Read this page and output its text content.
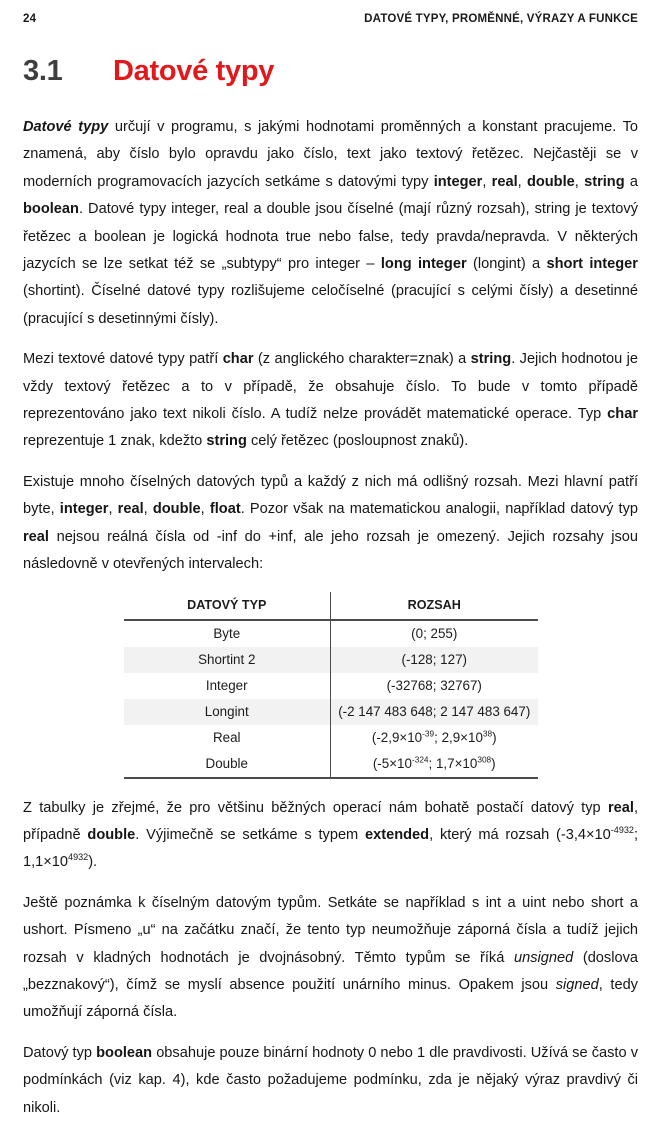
24	DATOVÉ TYPY, PROMĚNNÉ, VÝRAZY A FUNKCE
3.1	Datové typy

Datové typy určují v programu, s jakými hodnotami proměnných a konstant pracujeme. To znamená, aby číslo bylo opravdu jako číslo, text jako textový řetězec. Nejčastěji se v moderních programovacích jazycích setkáme s datovými typy integer, real, double, string a boolean. Datové typy integer, real a double jsou číselné (mají různý rozsah), string je textový řetězec a boolean je logická hodnota true nebo false, tedy pravda/nepravda. V některých jazycích se lze setkat též se „subtypy“ pro integer – long integer (longint) a short integer (shortint). Číselné datové typy rozlišujeme celočíselné (pracující s celými čísly) a desetinné (pracující s desetinnými čísly).

Mezi textové datové typy patří char (z anglického charakter=znak) a string. Jejich hodnotou je vždy textový řetězec a to v případě, že obsahuje číslo. To bude v tomto případě reprezentováno jako text nikoli číslo. A tudíž nelze provádět matematické operace. Typ char reprezentuje 1 znak, kdežto string celý řetězec (posloupnost znaků).

Existuje mnoho číselných datových typů a každý z nich má odlišný rozsah. Mezi hlavní patří byte, integer, real, double, float. Pozor však na matematickou analogii, například datový typ real nejsou reálná čísla od -inf do +inf, ale jeho rozsah je omezený. Jejich rozsahy jsou následovně v otevřených intervalech:

DATOVÝ TYP	ROZSAH
Byte	(0; 255)
Shortint 2	(-128; 127)
Integer	(-32768; 32767)
Longint	(-2 147 483 648; 2 147 483 647)
Real	($-2,9\times 10^{-39}$; $2,9\times 10^{38}$)
Double	($-5\times 10^{-324}$; $1,7\times 10^{308}$)

Z tabulky je zřejmé, že pro většinu běžných operací nám bohatě postačí datový typ real, případně double. Výjimečně se setkáme s typem extended, který má rozsah ($-3,4\times 10^{-4932}$; $1,1\times 10^{4932}$).

Ještě poznámka k číselným datovým typům. Setkáte se například s int a uint nebo short a ushort. Písmeno „u“ na začátku značí, že tento typ neumožňuje záporná čísla a tudíž jejich rozsah v kladných hodnotách je dvojnásobný. Těmto typům se říká unsigned (doslova „bezznakový“), čímž se myslí absence použití unárního minus. Opakem jsou signed, tedy umožňují záporná čísla.

Datový typ boolean obsahuje pouze binární hodnoty 0 nebo 1 dle pravdivosti. Užívá se často v podmínkách (viz kap. 4), kde často požadujeme podmínku, zda je nějaký výraz pravdivý či nikoli.
